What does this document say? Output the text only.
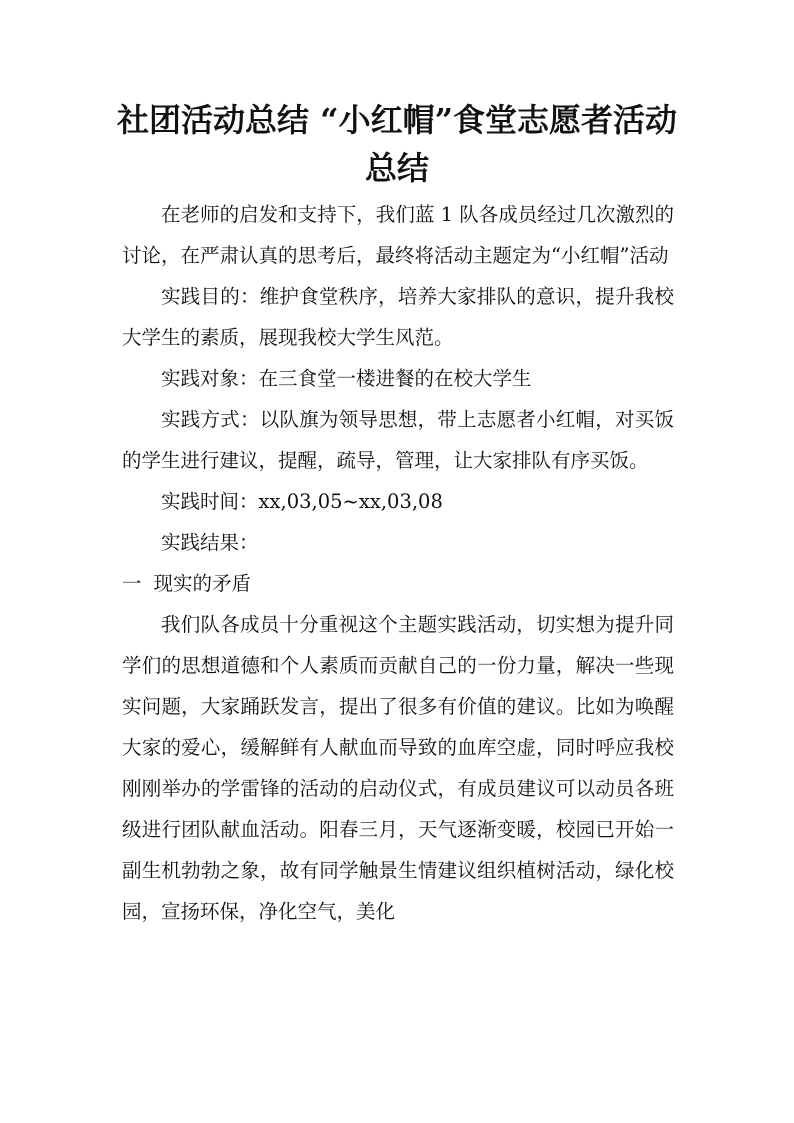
社团活动总结 “小红帽”食堂志愿者活动总结

在老师的启发和支持下，我们蓝 1 队各成员经过几次激烈的讨论，在严肃认真的思考后，最终将活动主题定为“小红帽”活动

实践目的：维护食堂秩序，培养大家排队的意识，提升我校大学生的素质，展现我校大学生风范。

实践对象：在三食堂一楼进餐的在校大学生

实践方式：以队旗为领导思想，带上志愿者小红帽，对买饭的学生进行建议，提醒，疏导，管理，让大家排队有序买饭。

实践时间：xx,03,05~xx,03,08

实践结果：

一 现实的矛盾

我们队各成员十分重视这个主题实践活动，切实想为提升同学们的思想道德和个人素质而贡献自己的一份力量，解决一些现实问题，大家踊跃发言，提出了很多有价值的建议。比如为唤醒大家的爱心，缓解鲜有人献血而导致的血库空虚，同时呼应我校刚刚举办的学雷锋的活动的启动仪式，有成员建议可以动员各班级进行团队献血活动。阳春三月，天气逐渐变暖，校园已开始一副生机勃勃之象，故有同学触景生情建议组织植树活动，绿化校园，宣扬环保，净化空气，美化
